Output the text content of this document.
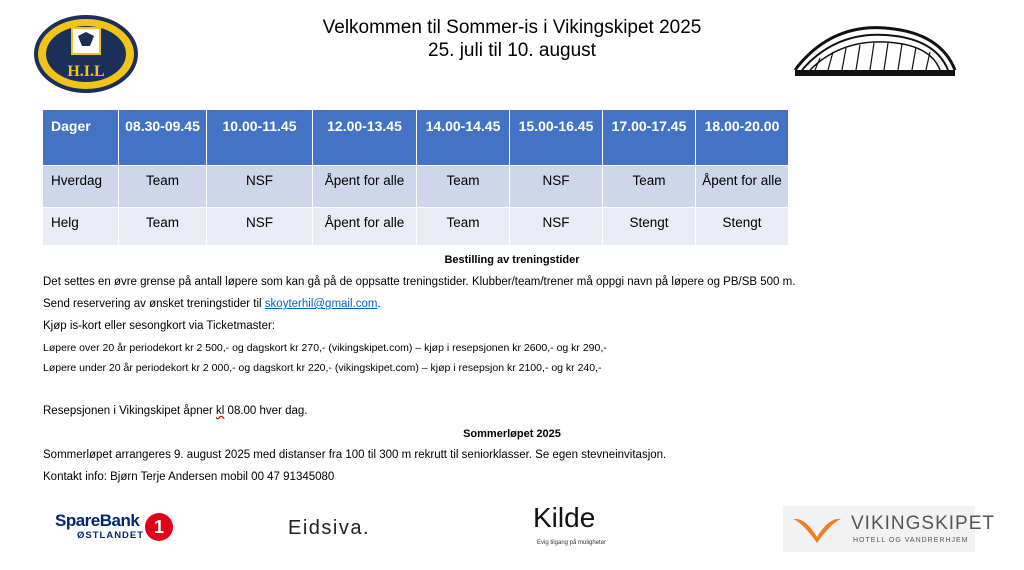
H.I.L
Velkommen til Sommer-is i Vikingskipet 2025
25. juli til 10. august
Dager	08.30-09.45	10.00-11.45	12.00-13.45	14.00-14.45	15.00-16.45	17.00-17.45	18.00-20.00
Hverdag	Team	NSF	Åpent for alle	Team	NSF	Team	Åpent for alle
Helg	Team	NSF	Åpent for alle	Team	NSF	Stengt	Stengt
Bestilling av treningstider
Det settes en øvre grense på antall løpere som kan gå på de oppsatte treningstider. Klubber/team/trener må oppgi navn på løpere og PB/SB 500 m.
Send reservering av ønsket treningstider til skoyterhil@gmail.com.
Kjøp is-kort eller sesongkort via Ticketmaster:
Løpere over 20 år periodekort kr 2 500,- og dagskort kr 270,- (vikingskipet.com) – kjøp i resepsjonen kr 2600,- og kr 290,-
Løpere under 20 år periodekort kr 2 000,- og dagskort kr 220,- (vikingskipet.com) – kjøp i resepsjon kr 2100,- og kr 240,-
Resepsjonen i Vikingskipet åpner kl 08.00 hver dag.
Sommerløpet 2025
Sommerløpet arrangeres 9. august 2025 med distanser fra 100 til 300 m rekrutt til seniorklasser. Se egen stevneinvitasjon.
Kontakt info: Bjørn Terje Andersen mobil 00 47 91345080
SpareBank
ØSTLANDET 1	Eidsiva.	Kilde
Evig tilgang på muligheter
VIKINGSKIPET
HOTELL OG VANDRERHJEM
